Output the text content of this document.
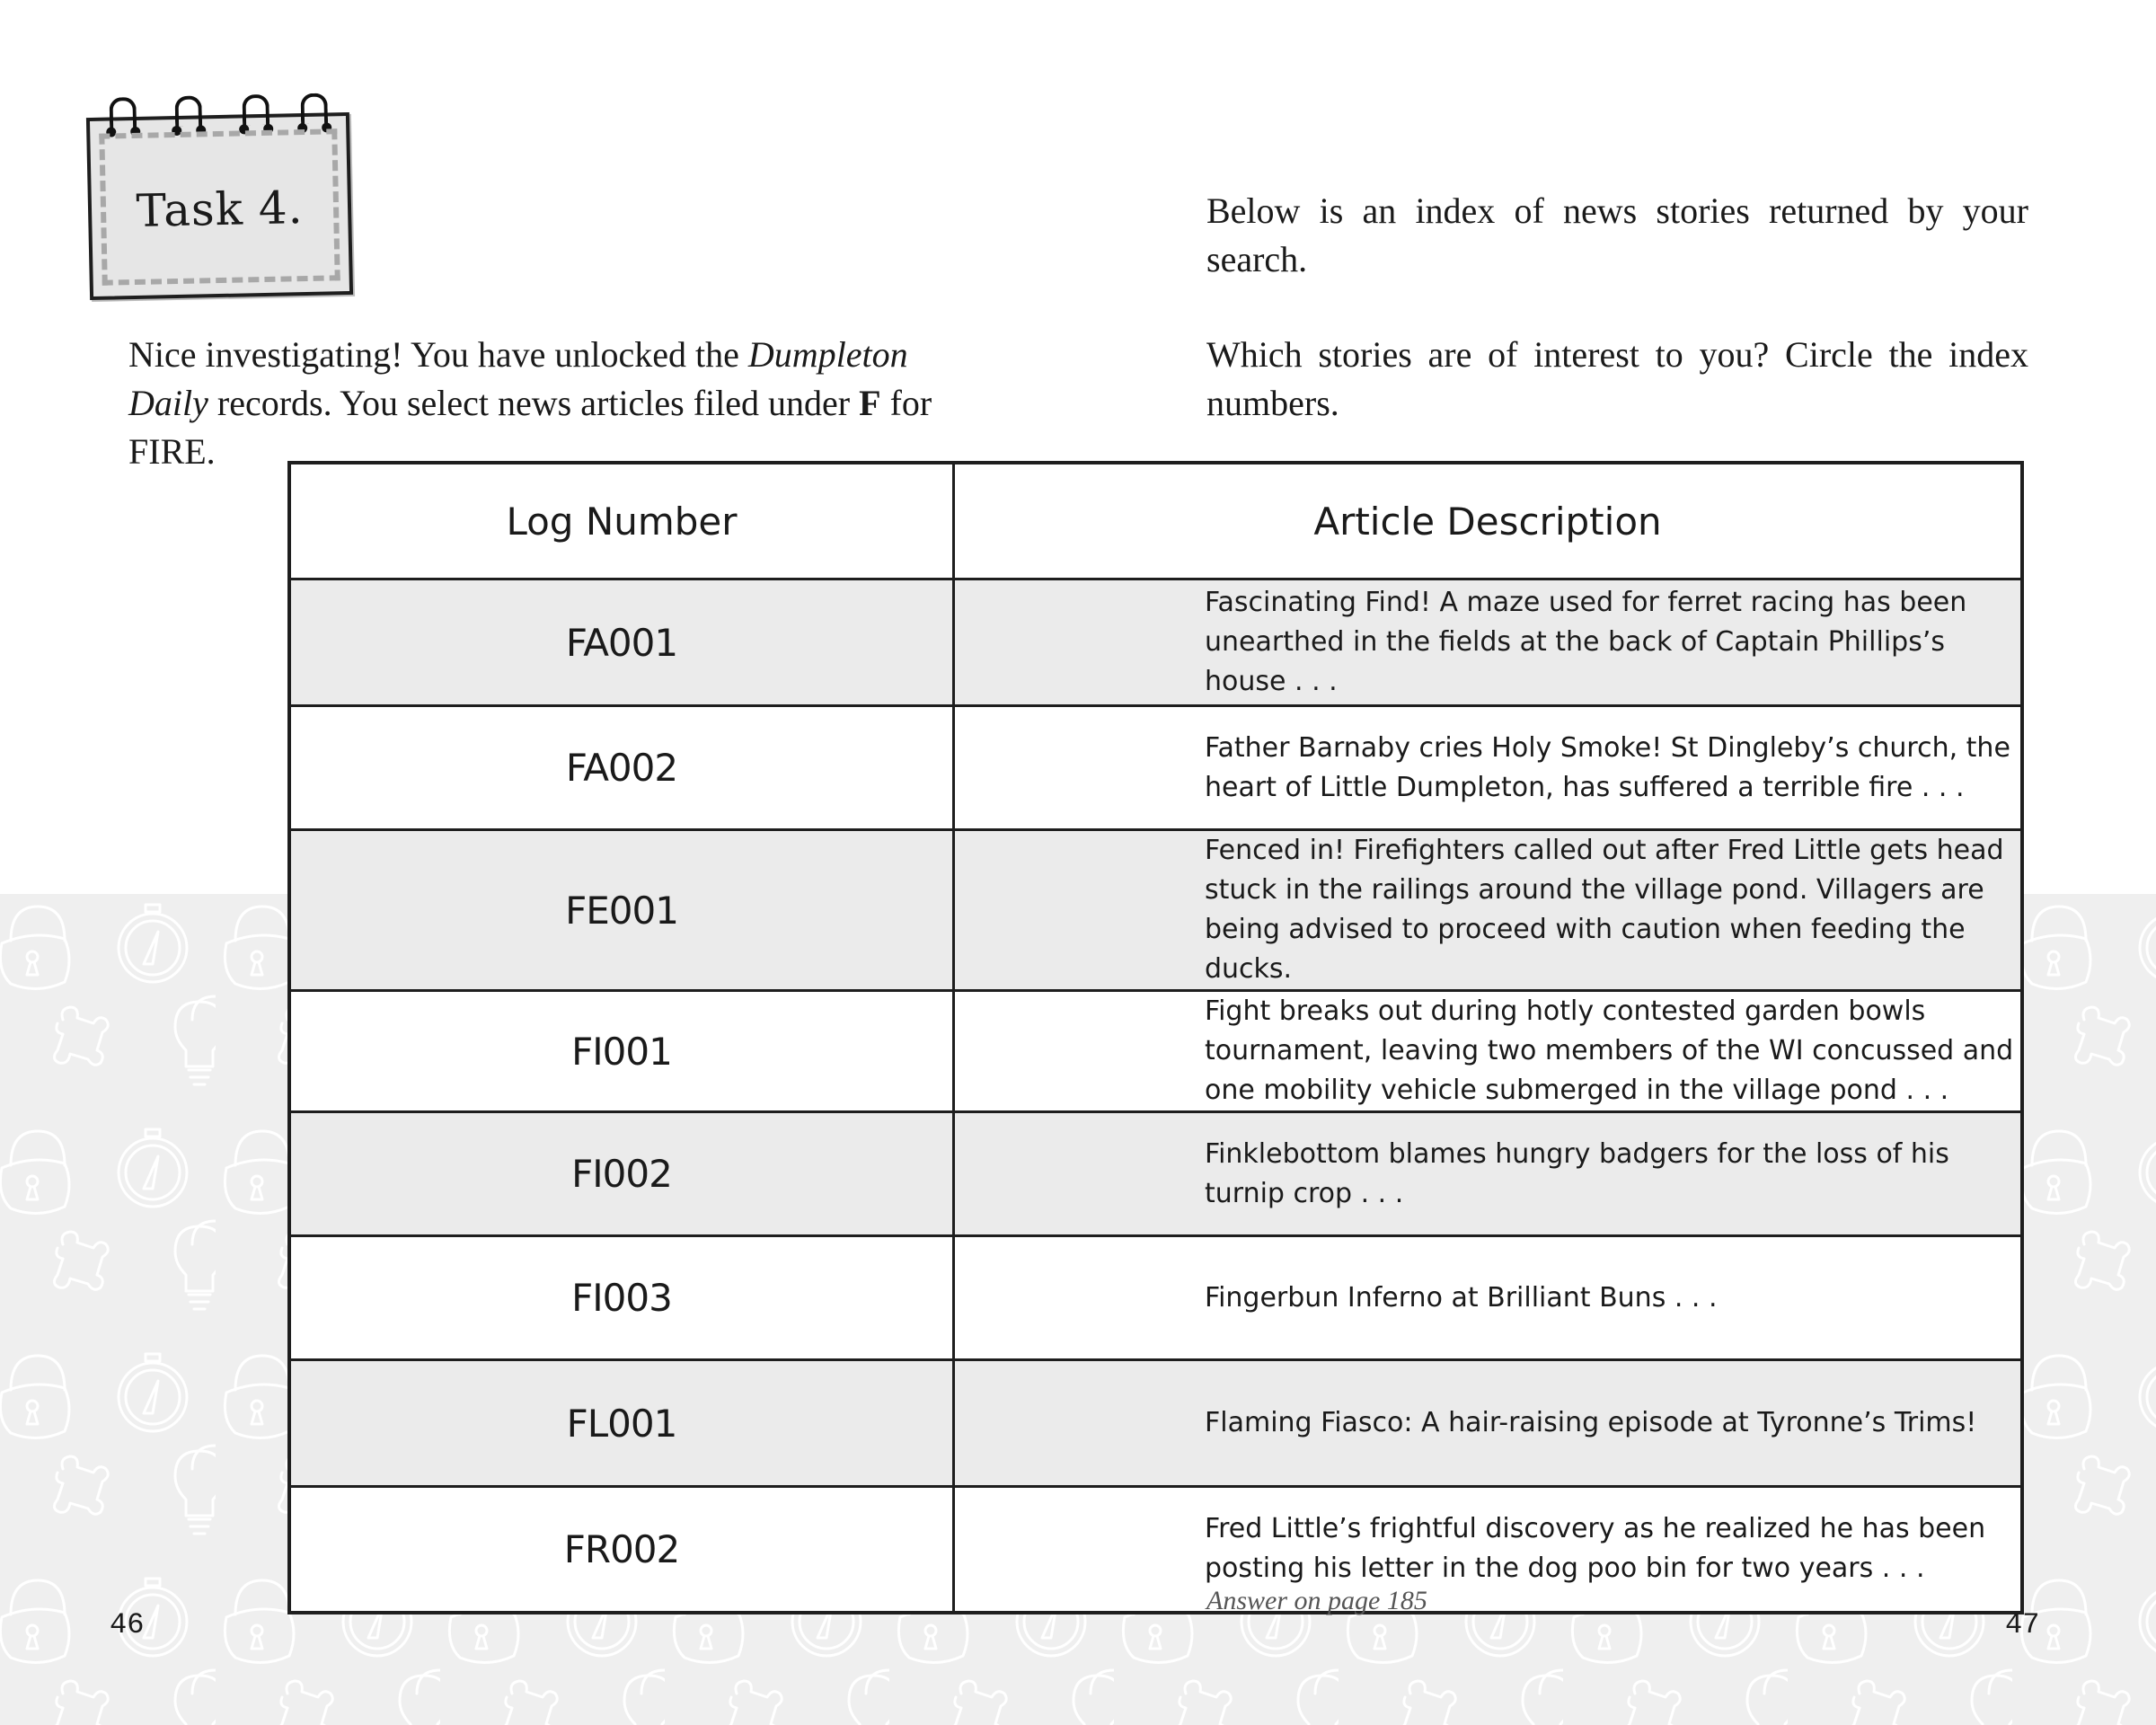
Task 4.
Nice investigating! You have unlocked the Dumpleton Daily records. You select news articles filed under F for FIRE.
Below is an index of news stories returned by your search.
Which stories are of interest to you? Circle the index numbers.
Log Number	Article Description
FA001	Fascinating Find! A maze used for ferret racing has been unearthed in the fields at the back of Captain Phillips’s house . . .
FA002	Father Barnaby cries Holy Smoke! St Dingleby’s church, the heart of Little Dumpleton, has suffered a terrible fire . . .
FE001	Fenced in! Firefighters called out after Fred Little gets head stuck in the railings around the village pond. Villagers are being advised to proceed with caution when feeding the ducks.
FI001	Fight breaks out during hotly contested garden bowls tournament, leaving two members of the WI concussed and one mobility vehicle submerged in the village pond . . .
FI002	Finklebottom blames hungry badgers for the loss of his turnip crop . . .
FI003	Fingerbun Inferno at Brilliant Buns . . .
FL001	Flaming Fiasco: A hair-raising episode at Tyronne’s Trims!
FR002	Fred Little’s frightful discovery as he realized he has been posting his letter in the dog poo bin for two years . . .
Answer on page 185
46	47
